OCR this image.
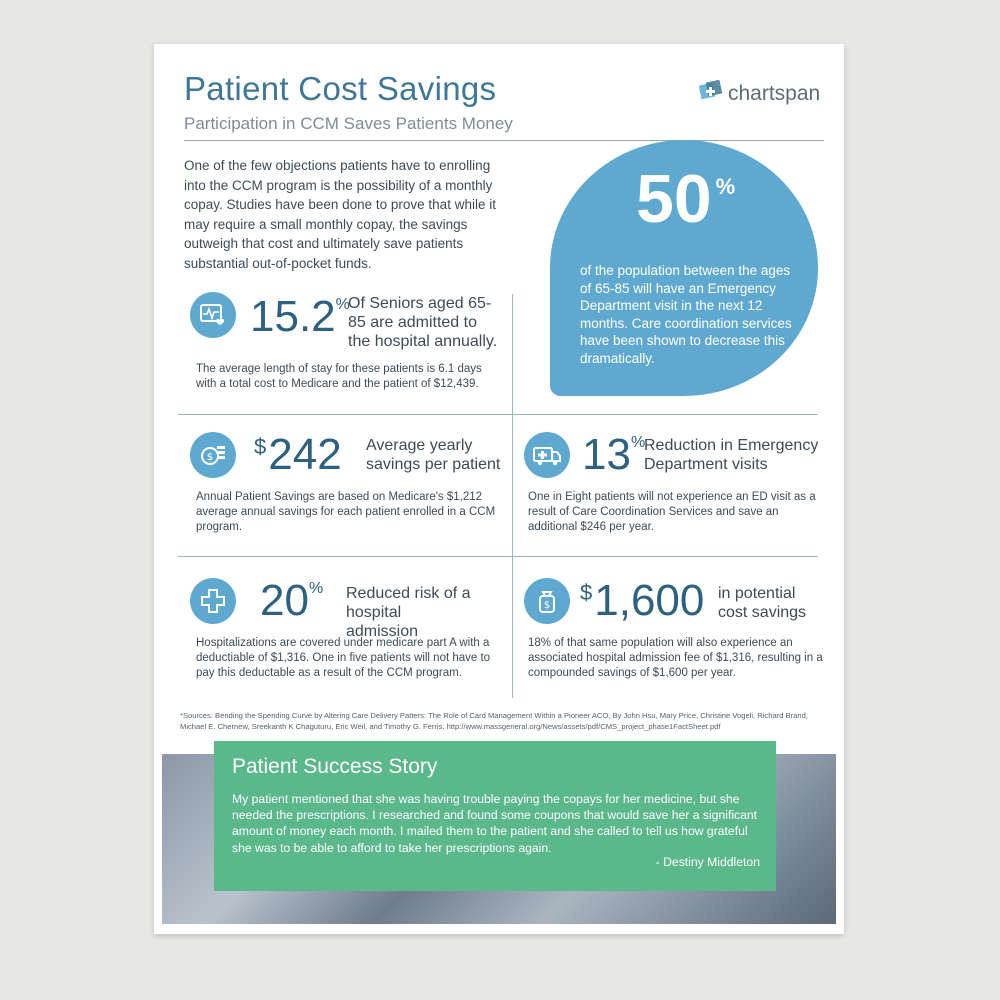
Patient Cost Savings
Participation in CCM Saves Patients Money
chartspan
One of the few objections patients have to enrolling into the CCM program is the possibility of a monthly copay. Studies have been done to prove that while it may require a small monthly copay, the savings outweigh that cost and ultimately save patients substantial out-of-pocket funds.
50 %
of the population between the ages of 65-85 will have an Emergency Department visit in the next 12 months. Care coordination services have been shown to decrease this dramatically.
15.2%
Of Seniors aged 65-85 are admitted to the hospital annually.
The average length of stay for these patients is 6.1 days with a total cost to Medicare and the patient of $12,439.
$ $242 Average yearly savings per patient
Annual Patient Savings are based on Medicare's $1,212 average annual savings for each patient enrolled in a CCM program.
13%
Reduction in Emergency Department visits
One in Eight patients will not experience an ED visit as a result of Care Coordination Services and save an additional $246 per year.
20% Reduced risk of a hospital admission
Hospitalizations are covered under medicare part A with a deductiable of $1,316. One in five patients will not have to pay this deductable as a result of the CCM program.
$
$1,600 in potential cost savings
18% of that same population will also experience an associated hospital admission fee of $1,316, resulting in a compounded savings of $1,600 per year.
*Sources: Bending the Spending Curve by Altering Care Delivery Patters: The Role of Card Management Within a Pioneer ACO, By John Hsu, Mary Price, Christine Vogeli, Richard Brand, Michael E. Chernew, Sreekanth K Chaguturu, Eric Weil, and Timothy G. Ferris. http://www.massgeneral.org/News/assets/pdf/CMS_project_phase1FactSheet.pdf
Patient Success Story
My patient mentioned that she was having trouble paying the copays for her medicine, but she needed the prescriptions. I researched and found some coupons that would save her a significant amount of money each month. I mailed them to the patient and she called to tell us how grateful she was to be able to afford to take her prescriptions again.
- Destiny Middleton
